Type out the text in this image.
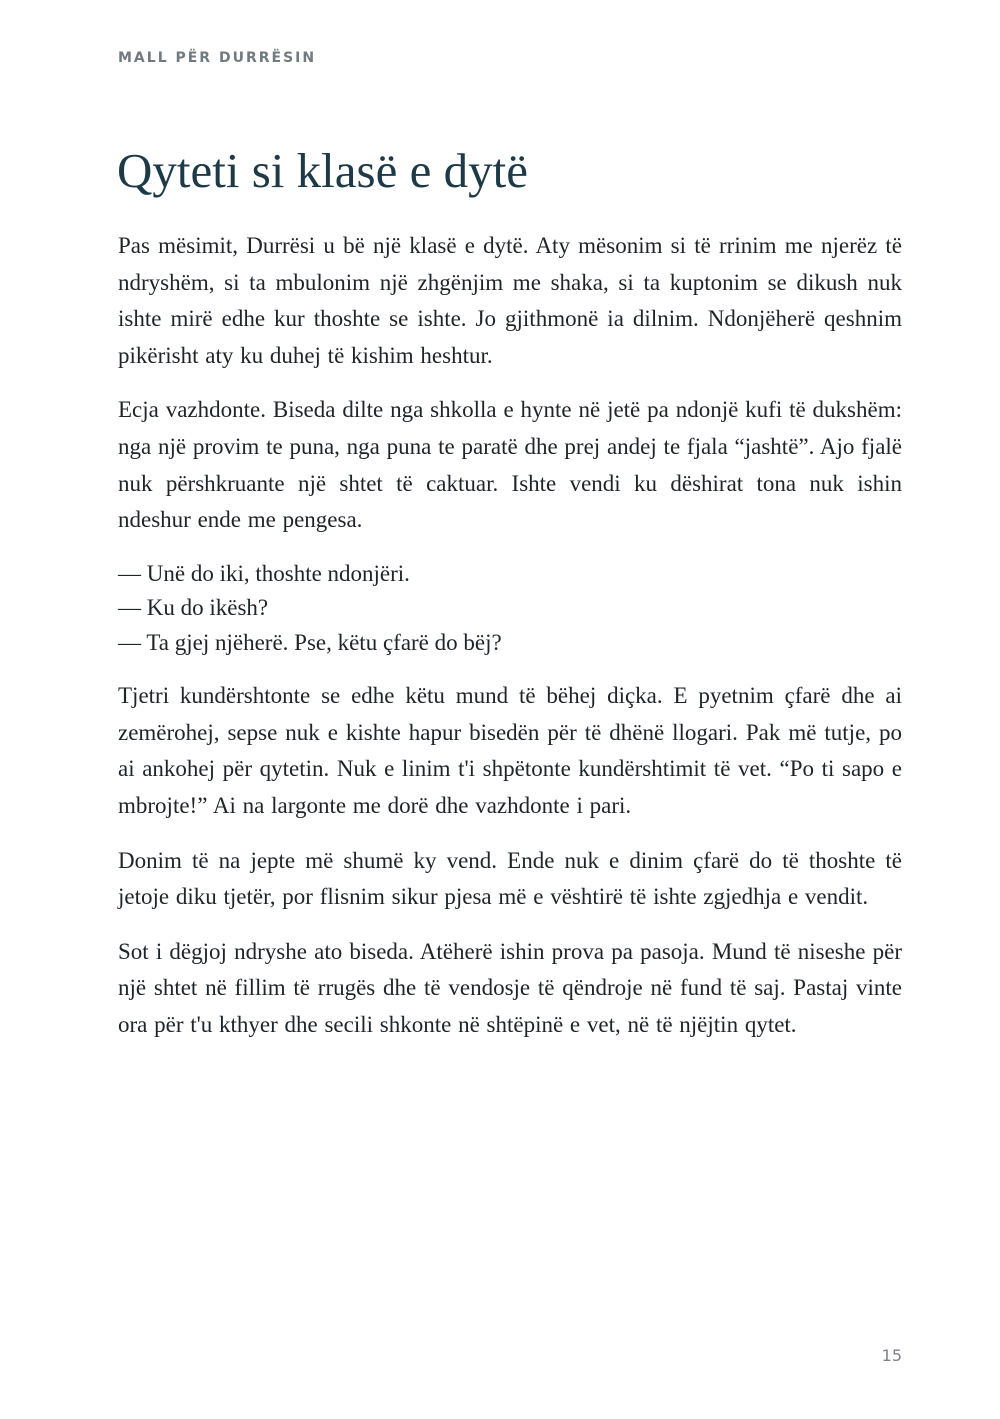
MALL PËR DURRËSIN
Qyteti si klasë e dytë

Pas mësimit, Durrësi u bë një klasë e dytë. Aty mësonim si të rrinim me njerëz të ndryshëm, si ta mbulonim një zhgënjim me shaka, si ta kuptonim se dikush nuk ishte mirë edhe kur thoshte se ishte. Jo gjithmonë ia dilnim. Ndonjëherë qeshnim pikërisht aty ku duhej të kishim heshtur.

Ecja vazhdonte. Biseda dilte nga shkolla e hynte në jetë pa ndonjë kufi të dukshëm: nga një provim te puna, nga puna te paratë dhe prej andej te fjala “jashtë”. Ajo fjalë nuk përshkruante një shtet të caktuar. Ishte vendi ku dëshirat tona nuk ishin ndeshur ende me pengesa.

— Unë do iki, thoshte ndonjëri.
— Ku do ikësh?
— Ta gjej njëherë. Pse, këtu çfarë do bëj?

Tjetri kundërshtonte se edhe këtu mund të bëhej diçka. E pyetnim çfarë dhe ai zemërohej, sepse nuk e kishte hapur bisedën për të dhënë llogari. Pak më tutje, po ai ankohej për qytetin. Nuk e linim t'i shpëtonte kundërshtimit të vet. “Po ti sapo e mbrojte!” Ai na largonte me dorë dhe vazhdonte i pari.

Donim të na jepte më shumë ky vend. Ende nuk e dinim çfarë do të thoshte të jetoje diku tjetër, por flisnim sikur pjesa më e vështirë të ishte zgjedhja e vendit.

Sot i dëgjoj ndryshe ato biseda. Atëherë ishin prova pa pasoja. Mund të niseshe për një shtet në fillim të rrugës dhe të vendosje të qëndroje në fund të saj. Pastaj vinte ora për t'u kthyer dhe secili shkonte në shtëpinë e vet, në të njëjtin qytet.

15
